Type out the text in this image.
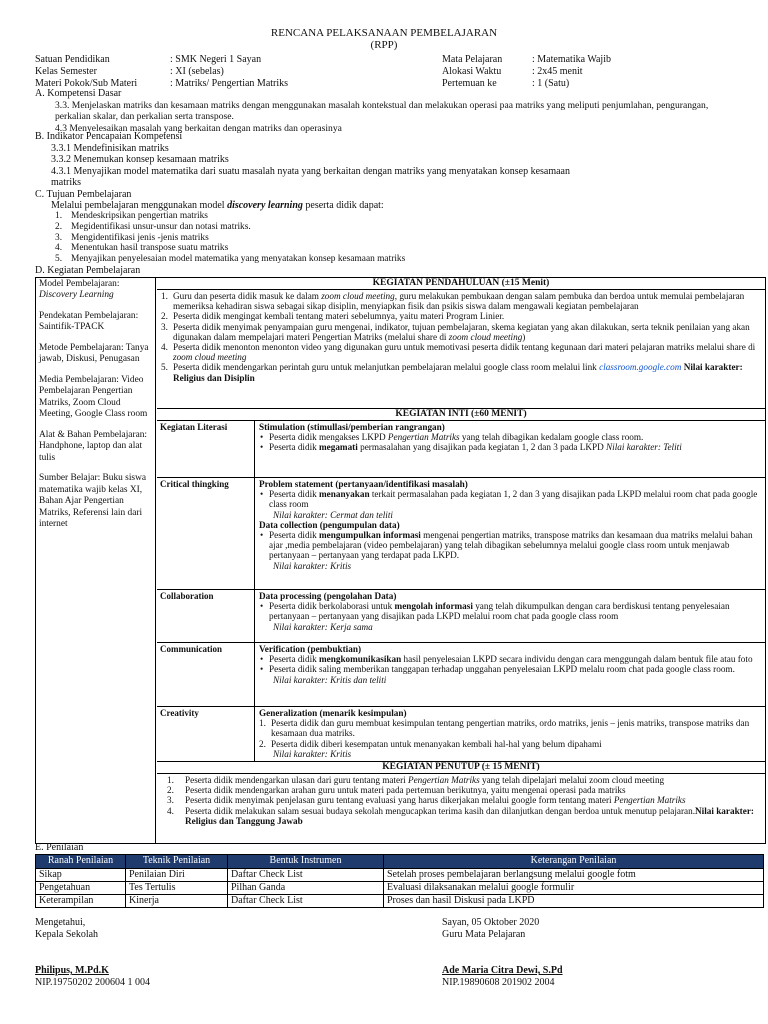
RENCANA PELAKSANAAN PEMBELAJARAN
(RPP)
Satuan Pendidikan	: SMK Negeri 1 Sayan
Kelas Semester	: XI (sebelas)
Materi Pokok/Sub Materi	: Matriks/ Pengertian Matriks
Mata Pelajaran	: Matematika Wajib
Alokasi Waktu	: 2x45 menit
Pertemuan ke	: 1 (Satu)
A. Kompetensi Dasar
3.3. Menjelaskan matriks dan kesamaan matriks dengan menggunakan masalah kontekstual dan melakukan operasi paa matriks yang meliputi penjumlahan, pengurangan, perkalian skalar, dan perkalian serta transpose.
4.3 Menyelesaikan masalah yang berkaitan dengan matriks dan operasinya
B. Indikator Pencapaian Kompetensi
3.3.1 Mendefinisikan matriks
3.3.2 Menemukan konsep kesamaan matriks
4.3.1 Menyajikan model matematika dari suatu masalah nyata yang berkaitan dengan matriks yang menyatakan konsep kesamaan matriks
C. Tujuan Pembelajaran
Melalui pembelajaran menggunakan model discovery learning peserta didik dapat:
1. Mendeskripsikan pengertian matriks
2. Megidentifikasi unsur-unsur dan notasi matriks.
3. Mengidentifikasi jenis -jenis matriks
4. Menentukan hasil transpose suatu matriks
5. Menyajikan penyelesaian model matematika yang menyatakan konsep kesamaan matriks
D. Kegiatan Pembelajaran

Model Pembelajaran:
Discovery Learning

Pendekatan Pembelajaran: Saintifik-TPACK

Metode Pembelajaran: Tanya jawab, Diskusi, Penugasan

Media Pembelajaran: Video Pembelajaran Pengertian Matriks, Zoom Cloud Meeting, Google Class room

Alat & Bahan Pembelajaran: Handphone, laptop dan alat tulis

Sumber Belajar: Buku siswa matematika wajib kelas XI, Bahan Ajar Pengertian Matriks, Referensi lain dari internet

KEGIATAN PENDAHULUAN (±15 Menit)
1. Guru dan peserta didik masuk ke dalam zoom cloud meeting, guru melakukan pembukaan dengan salam pembuka dan berdoa untuk memulai pembelajaran memeriksa kehadiran siswa sebagai sikap disiplin, menyiapkan fisik dan psikis siswa dalam mengawali kegiatan pembelajaran
2. Peserta didik mengingat kembali tentang materi sebelumnya, yaitu materi Program Linier.
3. Peserta didik menyimak penyampaian guru mengenai, indikator, tujuan pembelajaran, skema kegiatan yang akan dilakukan, serta teknik penilaian yang akan digunakan dalam mempelajari materi Pengertian Matriks (melalui share di zoom cloud meeting)
4. Peserta didik menonton menonton video yang digunakan guru untuk memotivasi peserta didik tentang kegunaan dari materi pelajaran matriks melalui share di zoom cloud meeting
5. Peserta didik mendengarkan perintah guru untuk melanjutkan pembelajaran melalui google class room melalui link classroom.google.com Nilai karakter: Religius dan Disiplin
KEGIATAN INTI (±60 MENIT)
Kegiatan Literasi	Stimulation (stimullasi/pemberian rangrangan)
• Peserta didik mengakses LKPD Pengertian Matriks yang telah dibagikan kedalam google class room.
• Peserta didik megamati permasalahan yang disajikan pada kegiatan 1, 2 dan 3 pada LKPD Nilai karakter: Teliti
Critical thingking	Problem statement (pertanyaan/identifikasi masalah)
• Peserta didik menanyakan terkait permasalahan pada kegiatan 1, 2 dan 3 yang disajikan pada LKPD melalui room chat pada google class room
Nilai karakter: Cermat dan teliti
Data collection (pengumpulan data)
• Peserta didik mengumpulkan informasi mengenai pengertian matriks, transpose matriks dan kesamaan dua matriks melalui bahan ajar ,media pembelajaran (video pembelajaran) yang telah dibagikan sebelumnya melalui google class room untuk menjawab pertanyaan – pertanyaan yang terdapat pada LKPD.
Nilai karakter: Kritis
Collaboration	Data processing (pengolahan Data)
• Peserta didik berkolaborasi untuk mengolah informasi yang telah dikumpulkan dengan cara berdiskusi tentang penyelesaian pertanyaan – pertanyaan yang disajikan pada LKPD melalui room chat pada google class room
Nilai karakter: Kerja sama
Communication	Verification (pembuktian)
• Peserta didik mengkomunikasikan hasil penyelesaian LKPD secara individu dengan cara menggungah dalam bentuk file atau foto
• Peserta didik saling memberikan tanggapan terhadap unggahan penyelesaian LKPD melalu room chat pada google class room.
Nilai karakter: Kritis dan teliti
Creativity	Generalization (menarik kesimpulan)
1. Peserta didik dan guru membuat kesimpulan tentang pengertian matriks, ordo matriks, jenis – jenis matriks, transpose matriks dan kesamaan dua matriks.
2. Peserta didik diberi kesempatan untuk menanyakan kembali hal-hal yang belum dipahami
Nilai karakter: Kritis
KEGIATAN PENUTUP (± 15 MENIT)
1. Peserta didik mendengarkan ulasan dari guru tentang materi Pengertian Matriks yang telah dipelajari melalui zoom cloud meeting
2. Peserta didik mendengarkan arahan guru untuk materi pada pertemuan berikutnya, yaitu mengenai operasi pada matriks
3. Peserta didik menyimak penjelasan guru tentang evaluasi yang harus dikerjakan melalui google form tentang materi Pengertian Matriks
4. Peserta didik melakukan salam sesuai budaya sekolah mengucapkan terima kasih dan dilanjutkan dengan berdoa untuk menutup pelajaran.Nilai karakter: Religius dan Tanggung Jawab
E. Penilaian
Ranah Penilaian	Teknik Penilaian	Bentuk Instrumen	Keterangan Penilaian
Sikap	Penilaian Diri	Daftar Check List	Setelah proses pembelajaran berlangsung melalui google fotm
Pengetahuan	Tes Tertulis	Pilhan Ganda	Evaluasi dilaksanakan melalui google formulir
Keterampilan	Kinerja	Daftar Check List	Proses dan hasil Diskusi pada LKPD
Mengetahui,
Kepala Sekolah
Philipus, M.Pd.K
NIP.19750202 200604 1 004
Sayan, 05 Oktober 2020
Guru Mata Pelajaran
Ade Maria Citra Dewi, S.Pd
NIP.19890608 201902 2004
